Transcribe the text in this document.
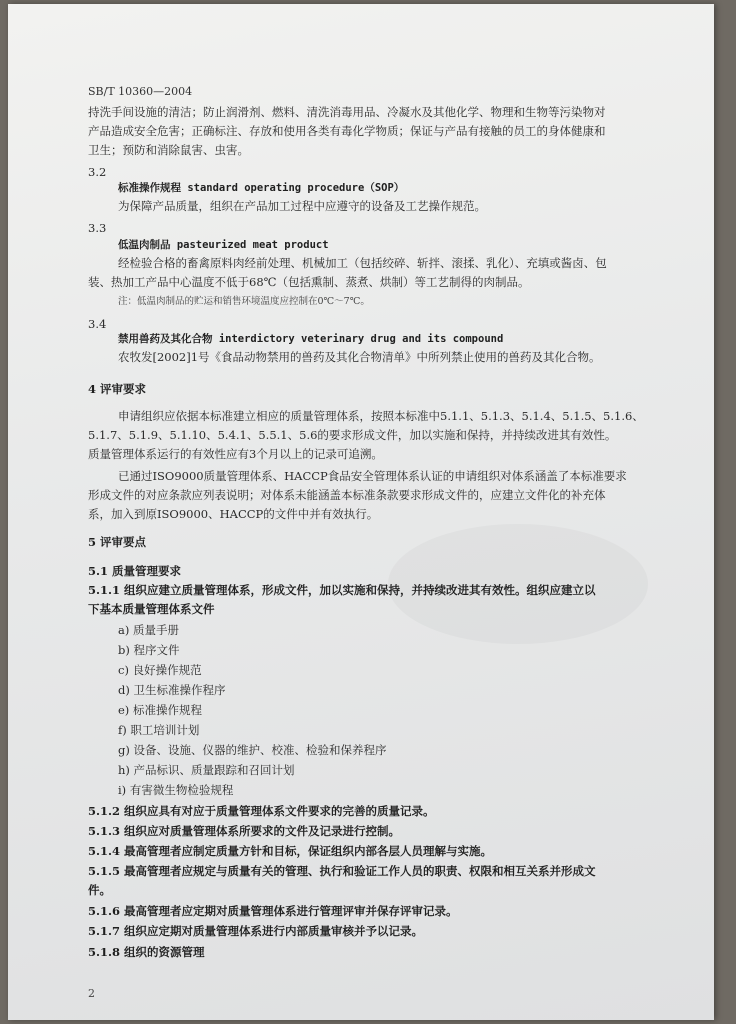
SB/T 10360—2004
持洗手间设施的清洁；防止润滑剂、燃料、清洗消毒用品、冷凝水及其他化学、物理和生物等污染物对
产品造成安全危害；正确标注、存放和使用各类有毒化学物质；保证与产品有接触的员工的身体健康和
卫生；预防和消除鼠害、虫害。
3.2
标准操作规程 standard operating procedure（SOP）
为保障产品质量，组织在产品加工过程中应遵守的设备及工艺操作规范。
3.3
低温肉制品 pasteurized meat product
经检验合格的畜禽原料肉经前处理、机械加工（包括绞碎、斩拌、滚揉、乳化）、充填或酱卤、包
装、热加工产品中心温度不低于68℃（包括熏制、蒸煮、烘制）等工艺制得的肉制品。
注：低温肉制品的贮运和销售环境温度应控制在0℃～7℃。
3.4
禁用兽药及其化合物 interdictory veterinary drug and its compound
农牧发[2002]1号《食品动物禁用的兽药及其化合物清单》中所列禁止使用的兽药及其化合物。
4 评审要求
申请组织应依据本标准建立相应的质量管理体系，按照本标准中5.1.1、5.1.3、5.1.4、5.1.5、5.1.6、
5.1.7、5.1.9、5.1.10、5.4.1、5.5.1、5.6的要求形成文件，加以实施和保持，并持续改进其有效性。
质量管理体系运行的有效性应有3个月以上的记录可追溯。
已通过ISO9000质量管理体系、HACCP食品安全管理体系认证的申请组织对体系涵盖了本标准要求
形成文件的对应条款应列表说明；对体系未能涵盖本标准条款要求形成文件的，应建立文件化的补充体
系，加入到原ISO9000、HACCP的文件中并有效执行。
5 评审要点
5.1 质量管理要求
5.1.1 组织应建立质量管理体系，形成文件，加以实施和保持，并持续改进其有效性。组织应建立以
下基本质量管理体系文件
a) 质量手册
b) 程序文件
c) 良好操作规范
d) 卫生标准操作程序
e) 标准操作规程
f) 职工培训计划
g) 设备、设施、仪器的维护、校准、检验和保养程序
h) 产品标识、质量跟踪和召回计划
i) 有害微生物检验规程
5.1.2 组织应具有对应于质量管理体系文件要求的完善的质量记录。
5.1.3 组织应对质量管理体系所要求的文件及记录进行控制。
5.1.4 最高管理者应制定质量方针和目标，保证组织内部各层人员理解与实施。
5.1.5 最高管理者应规定与质量有关的管理、执行和验证工作人员的职责、权限和相互关系并形成文
件。
5.1.6 最高管理者应定期对质量管理体系进行管理评审并保存评审记录。
5.1.7 组织应定期对质量管理体系进行内部质量审核并予以记录。
5.1.8 组织的资源管理
2
